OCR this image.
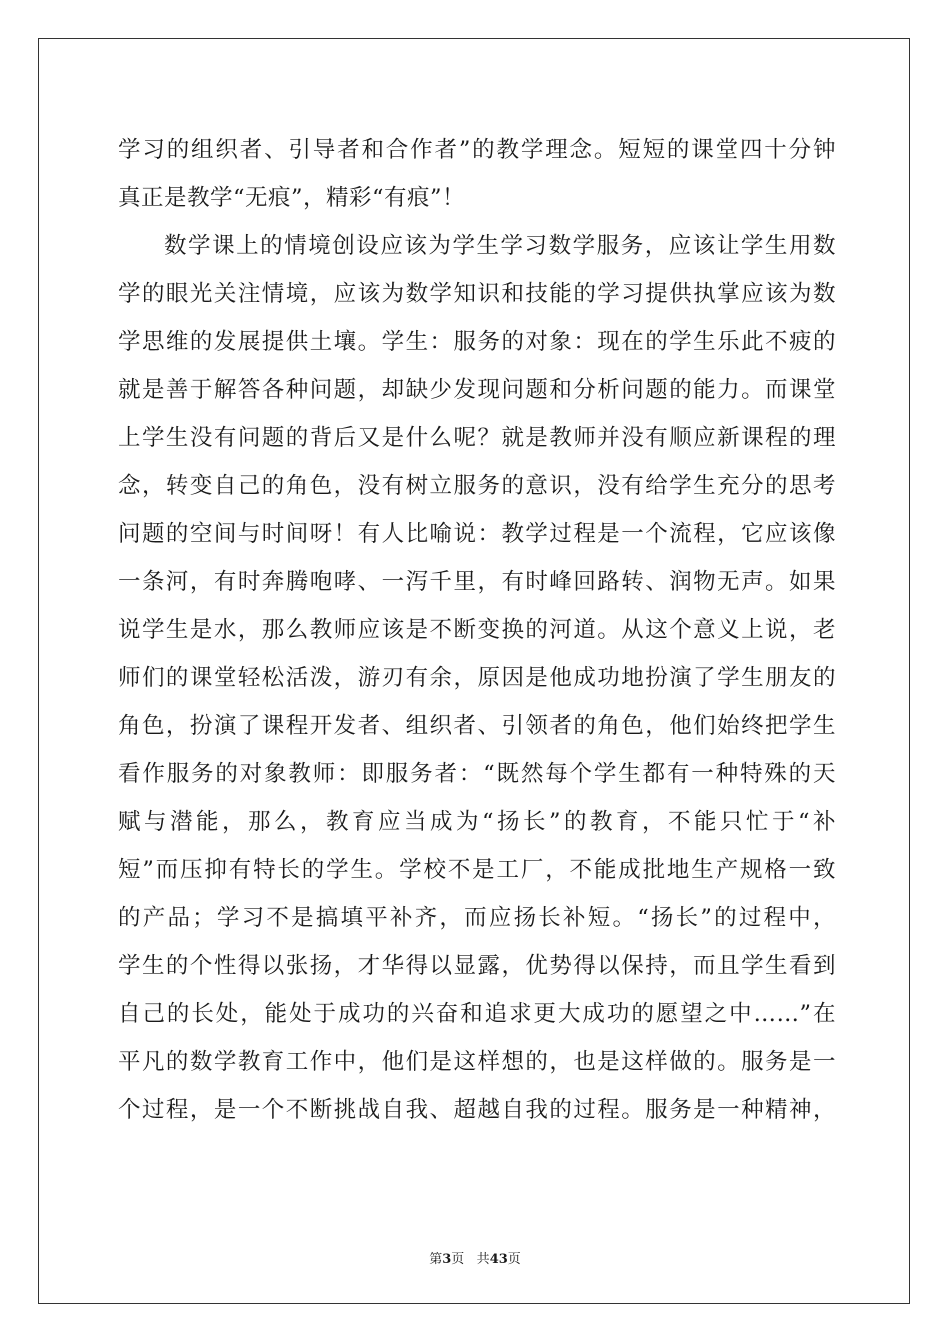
学习的组织者、引导者和合作者”的教学理念。短短的课堂四十分钟
真正是教学“无痕”，精彩“有痕”！
数学课上的情境创设应该为学生学习数学服务，应该让学生用数
学的眼光关注情境，应该为数学知识和技能的学习提供执掌应该为数
学思维的发展提供土壤。学生：服务的对象：现在的学生乐此不疲的
就是善于解答各种问题，却缺少发现问题和分析问题的能力。而课堂
上学生没有问题的背后又是什么呢？就是教师并没有顺应新课程的理
念，转变自己的角色，没有树立服务的意识，没有给学生充分的思考
问题的空间与时间呀！有人比喻说：教学过程是一个流程，它应该像
一条河，有时奔腾咆哮、一泻千里，有时峰回路转、润物无声。如果
说学生是水，那么教师应该是不断变换的河道。从这个意义上说，老
师们的课堂轻松活泼，游刃有余，原因是他成功地扮演了学生朋友的
角色，扮演了课程开发者、组织者、引领者的角色，他们始终把学生
看作服务的对象教师：即服务者：“既然每个学生都有一种特殊的天
赋与潜能，那么，教育应当成为“扬长”的教育，不能只忙于“补
短”而压抑有特长的学生。学校不是工厂，不能成批地生产规格一致
的产品；学习不是搞填平补齐，而应扬长补短。“扬长”的过程中，
学生的个性得以张扬，才华得以显露，优势得以保持，而且学生看到
自己的长处，能处于成功的兴奋和追求更大成功的愿望之中……”在
平凡的数学教育工作中，他们是这样想的，也是这样做的。服务是一
个过程，是一个不断挑战自我、超越自我的过程。服务是一种精神，
第3页 共43页
